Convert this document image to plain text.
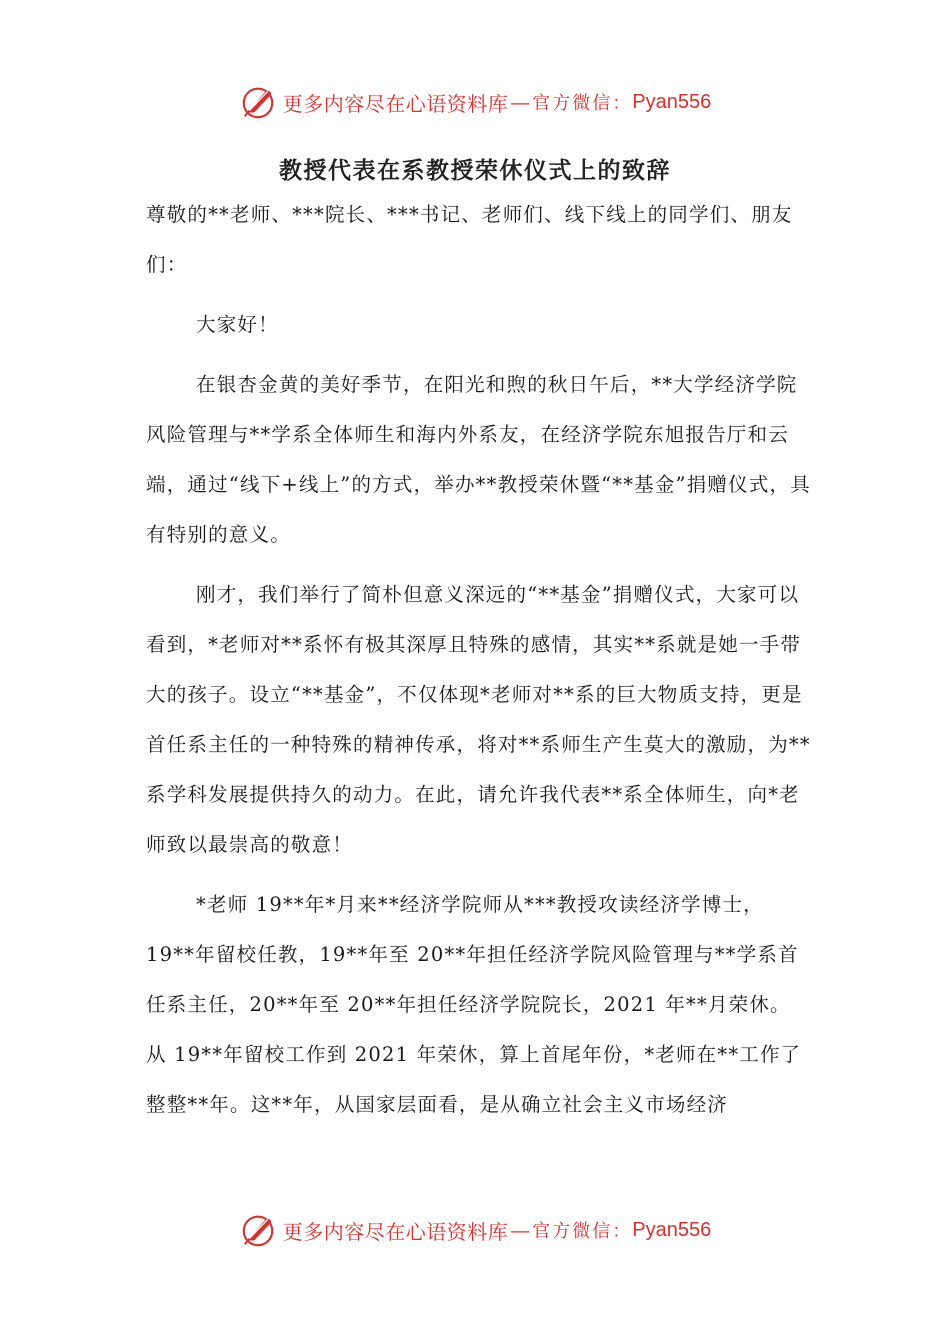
更多内容尽在心语资料库 — 官方微信： Pyan556
教授代表在系教授荣休仪式上的致辞

尊敬的**老师、***院长、***书记、老师们、线下线上的同学们、朋友们：

大家好！

在银杏金黄的美好季节，在阳光和煦的秋日午后，**大学经济学院风险管理与**学系全体师生和海内外系友，在经济学院东旭报告厅和云端，通过“线下+线上”的方式，举办**教授荣休暨“**基金”捐赠仪式，具有特别的意义。

刚才，我们举行了简朴但意义深远的“**基金”捐赠仪式，大家可以看到，*老师对**系怀有极其深厚且特殊的感情，其实**系就是她一手带大的孩子。设立“**基金”，不仅体现*老师对**系的巨大物质支持，更是首任系主任的一种特殊的精神传承，将对**系师生产生莫大的激励，为**系学科发展提供持久的动力。在此，请允许我代表**系全体师生，向*老师致以最崇高的敬意！

*老师 19**年*月来**经济学院师从***教授攻读经济学博士，19**年留校任教，19**年至 20**年担任经济学院风险管理与**学系首任系主任，20**年至 20**年担任经济学院院长，2021 年**月荣休。从 19**年留校工作到 2021 年荣休，算上首尾年份，*老师在**工作了整整**年。这**年，从国家层面看，是从确立社会主义市场经济

更多内容尽在心语资料库 — 官方微信： Pyan556
